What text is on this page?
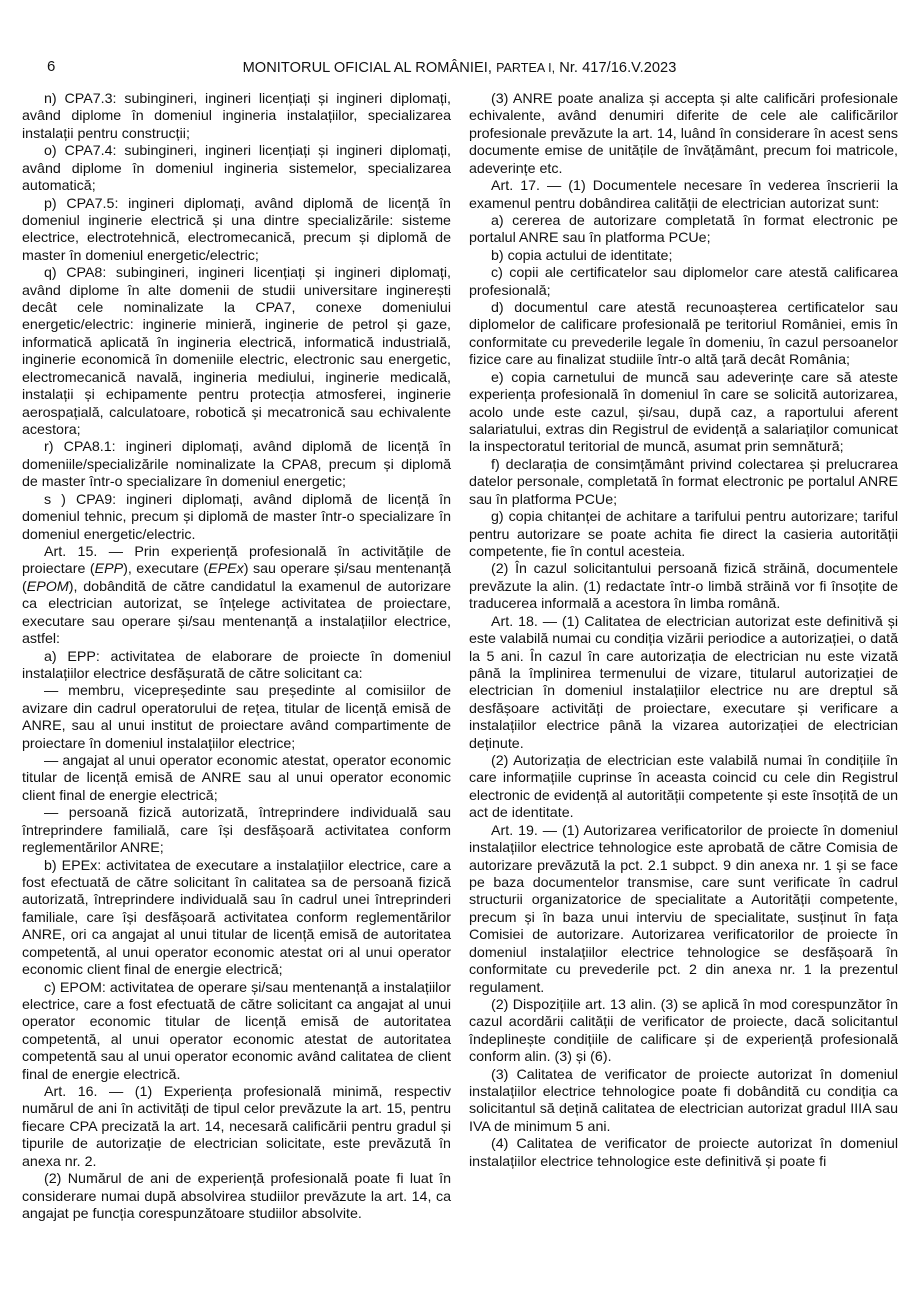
6	MONITORUL OFICIAL AL ROMÂNIEI, PARTEA I, Nr. 417/16.V.2023

n) CPA7.3: subingineri, ingineri licențiați și ingineri diplomați, având diplome în domeniul ingineria instalațiilor, specializarea instalații pentru construcții;

o) CPA7.4: subingineri, ingineri licențiați și ingineri diplomați, având diplome în domeniul ingineria sistemelor, specializarea automatică;

p) CPA7.5: ingineri diplomați, având diplomă de licență în domeniul inginerie electrică și una dintre specializările: sisteme electrice, electrotehnică, electromecanică, precum și diplomă de master în domeniul energetic/electric;

q) CPA8: subingineri, ingineri licențiați și ingineri diplomați, având diplome în alte domenii de studii universitare inginerești decât cele nominalizate la CPA7, conexe domeniului energetic/electric: inginerie minieră, inginerie de petrol și gaze, informatică aplicată în ingineria electrică, informatică industrială, inginerie economică în domeniile electric, electronic sau energetic, electromecanică navală, ingineria mediului, inginerie medicală, instalații și echipamente pentru protecția atmosferei, inginerie aerospațială, calculatoare, robotică și mecatronică sau echivalente acestora;

r) CPA8.1: ingineri diplomați, având diplomă de licență în domeniile/specializările nominalizate la CPA8, precum și diplomă de master într-o specializare în domeniul energetic;

s ) CPA9: ingineri diplomați, având diplomă de licență în domeniul tehnic, precum și diplomă de master într-o specializare în domeniul energetic/electric.

Art. 15. — Prin experiență profesională în activitățile de proiectare (EPP), executare (EPEx) sau operare și/sau mentenanță (EPOM), dobândită de către candidatul la examenul de autorizare ca electrician autorizat, se înțelege activitatea de proiectare, executare sau operare și/sau mentenanță a instalațiilor electrice, astfel:

a) EPP: activitatea de elaborare de proiecte în domeniul instalațiilor electrice desfășurată de către solicitant ca:

— membru, vicepreședinte sau președinte al comisiilor de avizare din cadrul operatorului de rețea, titular de licență emisă de ANRE, sau al unui institut de proiectare având compartimente de proiectare în domeniul instalațiilor electrice;

— angajat al unui operator economic atestat, operator economic titular de licență emisă de ANRE sau al unui operator economic client final de energie electrică;

— persoană fizică autorizată, întreprindere individuală sau întreprindere familială, care își desfășoară activitatea conform reglementărilor ANRE;

b) EPEx: activitatea de executare a instalațiilor electrice, care a fost efectuată de către solicitant în calitatea sa de persoană fizică autorizată, întreprindere individuală sau în cadrul unei întreprinderi familiale, care își desfășoară activitatea conform reglementărilor ANRE, ori ca angajat al unui titular de licență emisă de autoritatea competentă, al unui operator economic atestat ori al unui operator economic client final de energie electrică;

c) EPOM: activitatea de operare și/sau mentenanță a instalațiilor electrice, care a fost efectuată de către solicitant ca angajat al unui operator economic titular de licență emisă de autoritatea competentă, al unui operator economic atestat de autoritatea competentă sau al unui operator economic având calitatea de client final de energie electrică.

Art. 16. — (1) Experiența profesională minimă, respectiv numărul de ani în activități de tipul celor prevăzute la art. 15, pentru fiecare CPA precizată la art. 14, necesară calificării pentru gradul și tipurile de autorizație de electrician solicitate, este prevăzută în anexa nr. 2.

(2) Numărul de ani de experiență profesională poate fi luat în considerare numai după absolvirea studiilor prevăzute la art. 14, ca angajat pe funcția corespunzătoare studiilor absolvite.

(3) ANRE poate analiza și accepta și alte calificări profesionale echivalente, având denumiri diferite de cele ale calificărilor profesionale prevăzute la art. 14, luând în considerare în acest sens documente emise de unitățile de învățământ, precum foi matricole, adeverințe etc.

Art. 17. — (1) Documentele necesare în vederea înscrierii la examenul pentru dobândirea calității de electrician autorizat sunt:

a) cererea de autorizare completată în format electronic pe portalul ANRE sau în platforma PCUe;

b) copia actului de identitate;

c) copii ale certificatelor sau diplomelor care atestă calificarea profesională;

d) documentul care atestă recunoașterea certificatelor sau diplomelor de calificare profesională pe teritoriul României, emis în conformitate cu prevederile legale în domeniu, în cazul persoanelor fizice care au finalizat studiile într-o altă țară decât România;

e) copia carnetului de muncă sau adeverințe care să ateste experiența profesională în domeniul în care se solicită autorizarea, acolo unde este cazul, și/sau, după caz, a raportului aferent salariatului, extras din Registrul de evidență a salariaților comunicat la inspectoratul teritorial de muncă, asumat prin semnătură;

f) declarația de consimțământ privind colectarea și prelucrarea datelor personale, completată în format electronic pe portalul ANRE sau în platforma PCUe;

g) copia chitanței de achitare a tarifului pentru autorizare; tariful pentru autorizare se poate achita fie direct la casieria autorității competente, fie în contul acesteia.

(2) În cazul solicitantului persoană fizică străină, documentele prevăzute la alin. (1) redactate într-o limbă străină vor fi însoțite de traducerea informală a acestora în limba română.

Art. 18. — (1) Calitatea de electrician autorizat este definitivă și este valabilă numai cu condiția vizării periodice a autorizației, o dată la 5 ani. În cazul în care autorizația de electrician nu este vizată până la împlinirea termenului de vizare, titularul autorizației de electrician în domeniul instalațiilor electrice nu are dreptul să desfășoare activități de proiectare, executare și verificare a instalațiilor electrice până la vizarea autorizației de electrician deținute.

(2) Autorizația de electrician este valabilă numai în condițiile în care informațiile cuprinse în aceasta coincid cu cele din Registrul electronic de evidență al autorității competente și este însoțită de un act de identitate.

Art. 19. — (1) Autorizarea verificatorilor de proiecte în domeniul instalațiilor electrice tehnologice este aprobată de către Comisia de autorizare prevăzută la pct. 2.1 subpct. 9 din anexa nr. 1 și se face pe baza documentelor transmise, care sunt verificate în cadrul structurii organizatorice de specialitate a Autorității competente, precum și în baza unui interviu de specialitate, susținut în fața Comisiei de autorizare. Autorizarea verificatorilor de proiecte în domeniul instalațiilor electrice tehnologice se desfășoară în conformitate cu prevederile pct. 2 din anexa nr. 1 la prezentul regulament.

(2) Dispozițiile art. 13 alin. (3) se aplică în mod corespunzător în cazul acordării calității de verificator de proiecte, dacă solicitantul îndeplinește condițiile de calificare și de experiență profesională conform alin. (3) și (6).

(3) Calitatea de verificator de proiecte autorizat în domeniul instalațiilor electrice tehnologice poate fi dobândită cu condiția ca solicitantul să dețină calitatea de electrician autorizat gradul IIIA sau IVA de minimum 5 ani.

(4) Calitatea de verificator de proiecte autorizat în domeniul instalațiilor electrice tehnologice este definitivă și poate fi
